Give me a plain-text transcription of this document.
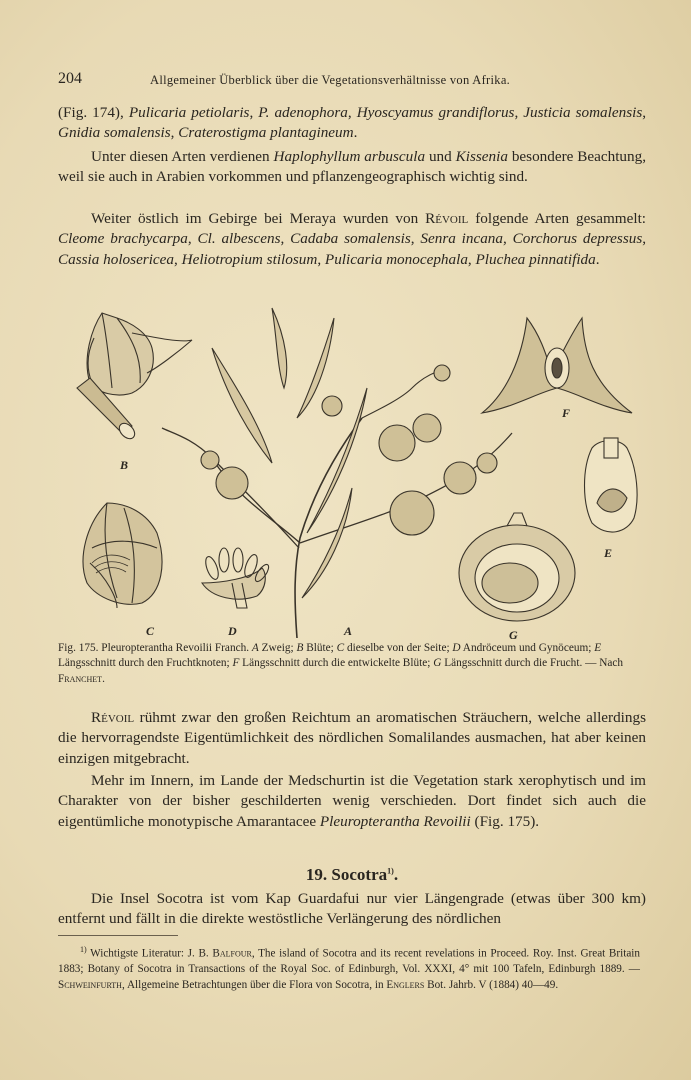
204	Allgemeiner Überblick über die Vegetationsverhältnisse von Afrika.
(Fig. 174), Pulicaria petiolaris, P. adenophora, Hyoscyamus grandiflorus, Justicia somalensis, Gnidia somalensis, Craterostigma plantagineum.
Unter diesen Arten verdienen Haplophyllum arbuscula und Kissenia besondere Beachtung, weil sie auch in Arabien vorkommen und pflanzengeographisch wichtig sind.
Weiter östlich im Gebirge bei Meraya wurden von Révoil folgende Arten gesammelt: Cleome brachycarpa, Cl. albescens, Cadaba somalensis, Senra incana, Corchorus depressus, Cassia holosericea, Heliotropium stilosum, Pulicaria monocephala, Pluchea pinnatifida.
B
C	D	A	G
E
F
Fig. 175. Pleuropterantha Revoilii Franch. A Zweig; B Blüte; C dieselbe von der Seite; D Andröceum und Gynöceum; E Längsschnitt durch den Fruchtknoten; F Längsschnitt durch die entwickelte Blüte; G Längsschnitt durch die Frucht. — Nach Franchet.
Révoil rühmt zwar den großen Reichtum an aromatischen Sträuchern, welche allerdings die hervorragendste Eigentümlichkeit des nördlichen Somalilandes ausmachen, hat aber keinen einzigen mitgebracht.
Mehr im Innern, im Lande der Medschurtin ist die Vegetation stark xerophytisch und im Charakter von der bisher geschilderten wenig verschieden. Dort findet sich auch die eigentümliche monotypische Amarantacee Pleuropterantha Revoilii (Fig. 175).
19. Socotra$^{1)}$.
Die Insel Socotra ist vom Kap Guardafui nur vier Längengrade (etwas über 300 km) entfernt und fällt in die direkte westöstliche Verlängerung des nördlichen
$^{1)}$ Wichtigste Literatur: J. B. Balfour, The island of Socotra and its recent revelations in Proceed. Roy. Inst. Great Britain 1883; Botany of Socotra in Transactions of the Royal Soc. of Edinburgh, Vol. XXXI, 4° mit 100 Tafeln, Edinburgh 1889. — Schweinfurth, Allgemeine Betrachtungen über die Flora von Socotra, in Englers Bot. Jahrb. V (1884) 40—49.
